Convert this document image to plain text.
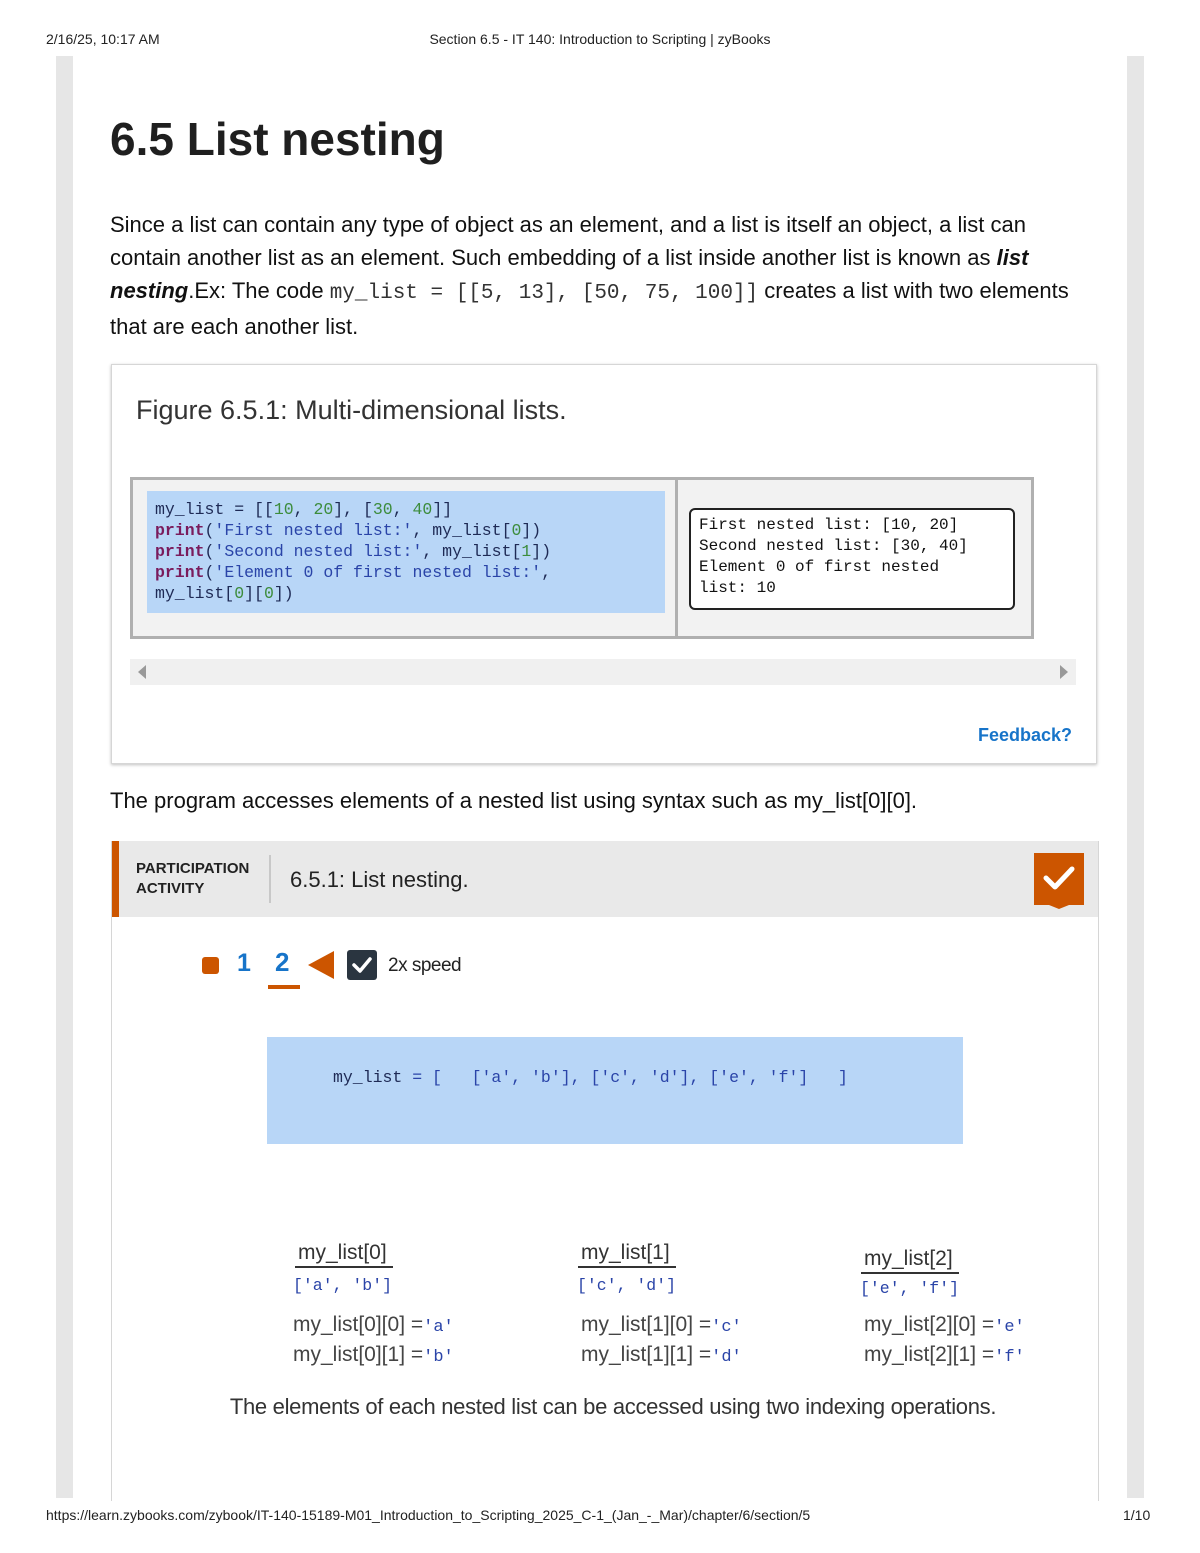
2/16/25, 10:17 AM	Section 6.5 - IT 140: Introduction to Scripting | zyBooks
https://learn.zybooks.com/zybook/IT-140-15189-M01_Introduction_to_Scripting_2025_C-1_(Jan_-_Mar)/chapter/6/section/5	1/10
6.5 List nesting
Since a list can contain any type of object as an element, and a list is itself an object, a list can contain another list as an element. Such embedding of a list inside another list is known as list nesting.Ex: The code my_list = [[5, 13], [50, 75, 100]] creates a list with two elements that are each another list.
Figure 6.5.1: Multi-dimensional lists.
my_list = [[10, 20], [30, 40]]
print('First nested list:', my_list[0])
print('Second nested list:', my_list[1])
print('Element 0 of first nested list:',
my_list[0][0])
First nested list: [10, 20]
Second nested list: [30, 40]
Element 0 of first nested
list: 10
Feedback?
The program accesses elements of a nested list using syntax such as my_list[0][0].
PARTICIPATION ACTIVITY	6.5.1: List nesting.
1 2	2x speed
my_list = [   ['a', 'b'], ['c', 'd'], ['e', 'f']   ]
my_list[0]
['a', 'b']
my_list[0][0] ='a'
my_list[0][1] ='b'
my_list[1]
['c', 'd']
my_list[1][0] ='c'
my_list[1][1] ='d'
my_list[2]
['e', 'f']
my_list[2][0] ='e'
my_list[2][1] ='f'
The elements of each nested list can be accessed using two indexing operations.
